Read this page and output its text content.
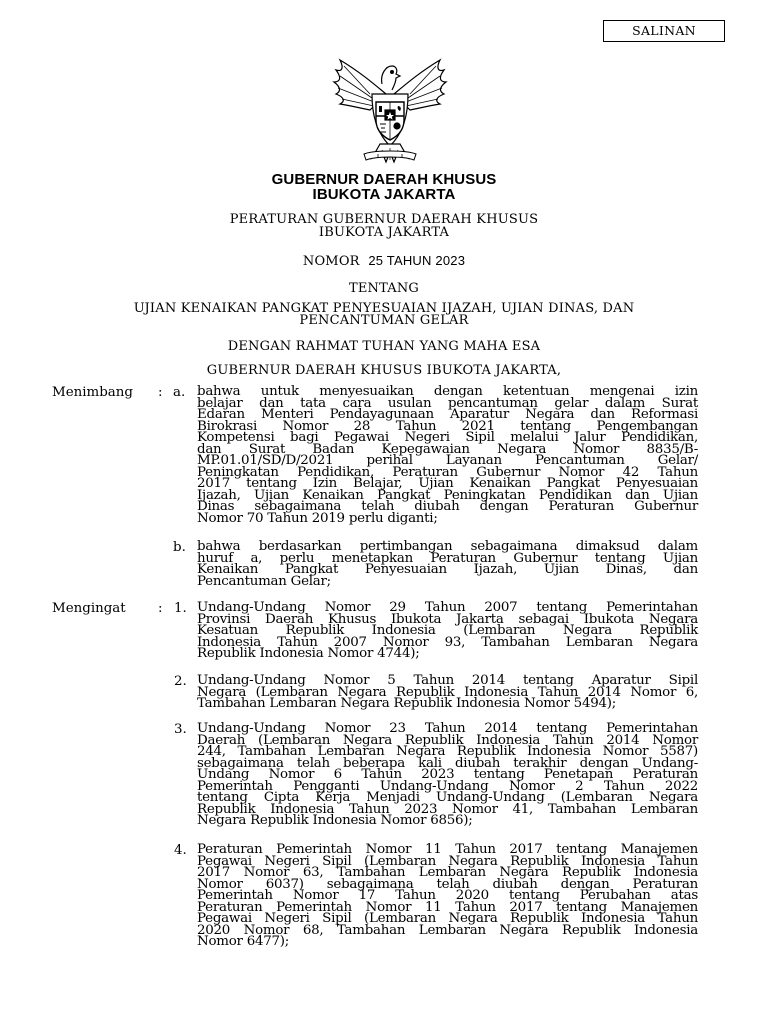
SALINAN
GUBERNUR DAERAH KHUSUS
IBUKOTA JAKARTA
PERATURAN GUBERNUR DAERAH KHUSUS
IBUKOTA JAKARTA
NOMOR 25 TAHUN 2023
TENTANG
UJIAN KENAIKAN PANGKAT PENYESUAIAN IJAZAH, UJIAN DINAS, DAN
PENCANTUMAN GELAR
DENGAN RAHMAT TUHAN YANG MAHA ESA
GUBERNUR DAERAH KHUSUS IBUKOTA JAKARTA,
Menimbang : a. bahwa untuk menyesuaikan dengan ketentuan mengenai izin
belajar dan tata cara usulan pencantuman gelar dalam Surat
Edaran Menteri Pendayagunaan Aparatur Negara dan Reformasi
Birokrasi Nomor 28 Tahun 2021 tentang Pengembangan
Kompetensi bagi Pegawai Negeri Sipil melalui Jalur Pendidikan,
dan Surat Badan Kepegawaian Negara Nomor 8835/B-
MP.01.01/SD/D/2021 perihal Layanan Pencantuman Gelar/
Peningkatan Pendidikan, Peraturan Gubernur Nomor 42 Tahun
2017 tentang Izin Belajar, Ujian Kenaikan Pangkat Penyesuaian
Ijazah, Ujian Kenaikan Pangkat Peningkatan Pendidikan dan Ujian
Dinas sebagaimana telah diubah dengan Peraturan Gubernur
Nomor 70 Tahun 2019 perlu diganti;
b. bahwa berdasarkan pertimbangan sebagaimana dimaksud dalam
huruf a, perlu menetapkan Peraturan Gubernur tentang Ujian
Kenaikan Pangkat Penyesuaian Ijazah, Ujian Dinas, dan
Pencantuman Gelar;
Mengingat : 1. Undang-Undang Nomor 29 Tahun 2007 tentang Pemerintahan
Provinsi Daerah Khusus Ibukota Jakarta sebagai Ibukota Negara
Kesatuan Republik Indonesia (Lembaran Negara Republik
Indonesia Tahun 2007 Nomor 93, Tambahan Lembaran Negara
Republik Indonesia Nomor 4744);
2. Undang-Undang Nomor 5 Tahun 2014 tentang Aparatur Sipil
Negara (Lembaran Negara Republik Indonesia Tahun 2014 Nomor 6,
Tambahan Lembaran Negara Republik Indonesia Nomor 5494);
3. Undang-Undang Nomor 23 Tahun 2014 tentang Pemerintahan
Daerah (Lembaran Negara Republik Indonesia Tahun 2014 Nomor
244, Tambahan Lembaran Negara Republik Indonesia Nomor 5587)
sebagaimana telah beberapa kali diubah terakhir dengan Undang-
Undang Nomor 6 Tahun 2023 tentang Penetapan Peraturan
Pemerintah Pengganti Undang-Undang Nomor 2 Tahun 2022
tentang Cipta Kerja Menjadi Undang-Undang (Lembaran Negara
Republik Indonesia Tahun 2023 Nomor 41, Tambahan Lembaran
Negara Republik Indonesia Nomor 6856);
4. Peraturan Pemerintah Nomor 11 Tahun 2017 tentang Manajemen
Pegawai Negeri Sipil (Lembaran Negara Republik Indonesia Tahun
2017 Nomor 63, Tambahan Lembaran Negara Republik Indonesia
Nomor 6037) sebagaimana telah diubah dengan Peraturan
Pemerintah Nomor 17 Tahun 2020 tentang Perubahan atas
Peraturan Pemerintah Nomor 11 Tahun 2017 tentang Manajemen
Pegawai Negeri Sipil (Lembaran Negara Republik Indonesia Tahun
2020 Nomor 68, Tambahan Lembaran Negara Republik Indonesia
Nomor 6477);
